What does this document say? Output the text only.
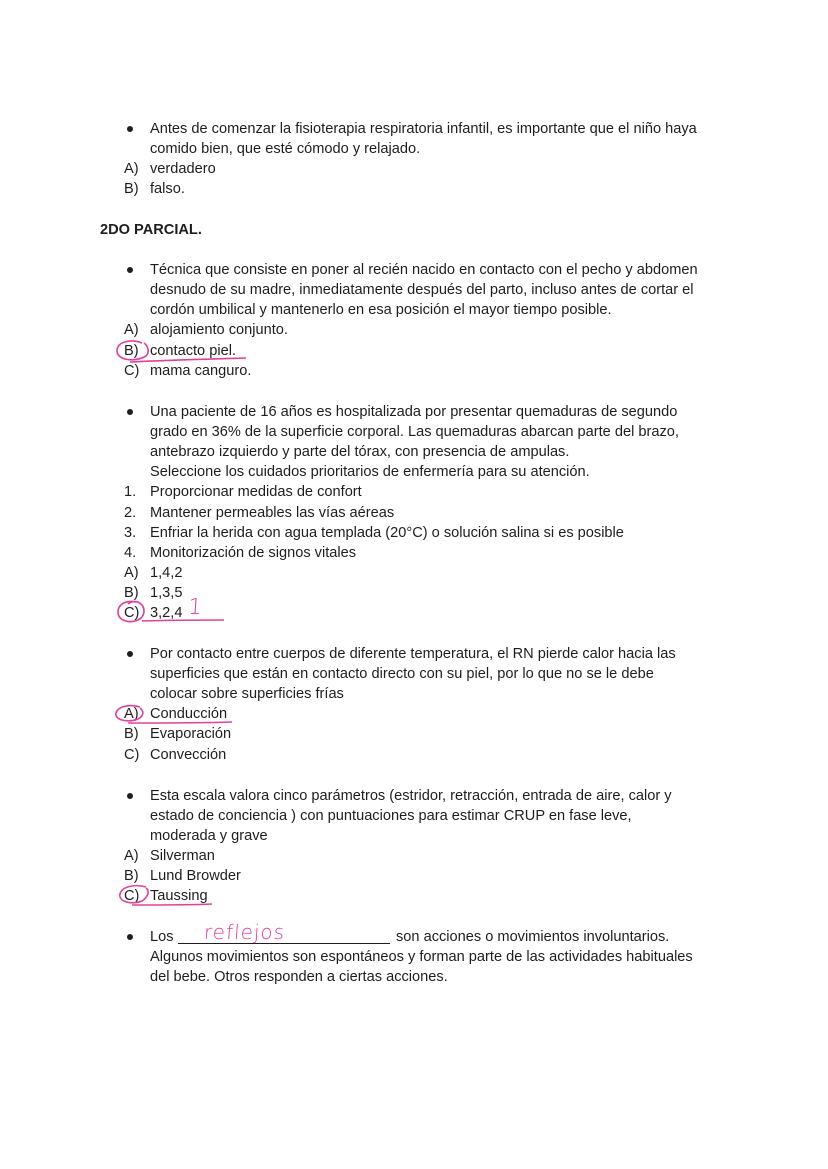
Antes de comenzar la fisioterapia respiratoria infantil, es importante que el niño haya
comido bien, que esté cómodo y relajado.
A) verdadero
B) falso.
2DO PARCIAL.
Técnica que consiste en poner al recién nacido en contacto con el pecho y abdomen
desnudo de su madre, inmediatamente después del parto, incluso antes de cortar el
cordón umbilical y mantenerlo en esa posición el mayor tiempo posible.
A) alojamiento conjunto.
B) contacto piel.
C) mama canguro.
Una paciente de 16 años es hospitalizada por presentar quemaduras de segundo
grado en 36% de la superficie corporal. Las quemaduras abarcan parte del brazo,
antebrazo izquierdo y parte del tórax, con presencia de ampulas.
Seleccione los cuidados prioritarios de enfermería para su atención.
1. Proporcionar medidas de confort
2. Mantener permeables las vías aéreas
3. Enfriar la herida con agua templada (20°C) o solución salina si es posible
4. Monitorización de signos vitales
A) 1,4,2
B) 1,3,5
C) 3,2,4 1
Por contacto entre cuerpos de diferente temperatura, el RN pierde calor hacia las
superficies que están en contacto directo con su piel, por lo que no se le debe
colocar sobre superficies frías
A) Conducción
B) Evaporación
C) Convección
Esta escala valora cinco parámetros (estridor, retracción, entrada de aire, calor y
estado de conciencia ) con puntuaciones para estimar CRUP en fase leve,
moderada y grave
A) Silverman
B) Lund Browder
C) Taussing
Los reflejos	son acciones o movimientos involuntarios.
Algunos movimientos son espontáneos y forman parte de las actividades habituales
del bebe. Otros responden a ciertas acciones.
